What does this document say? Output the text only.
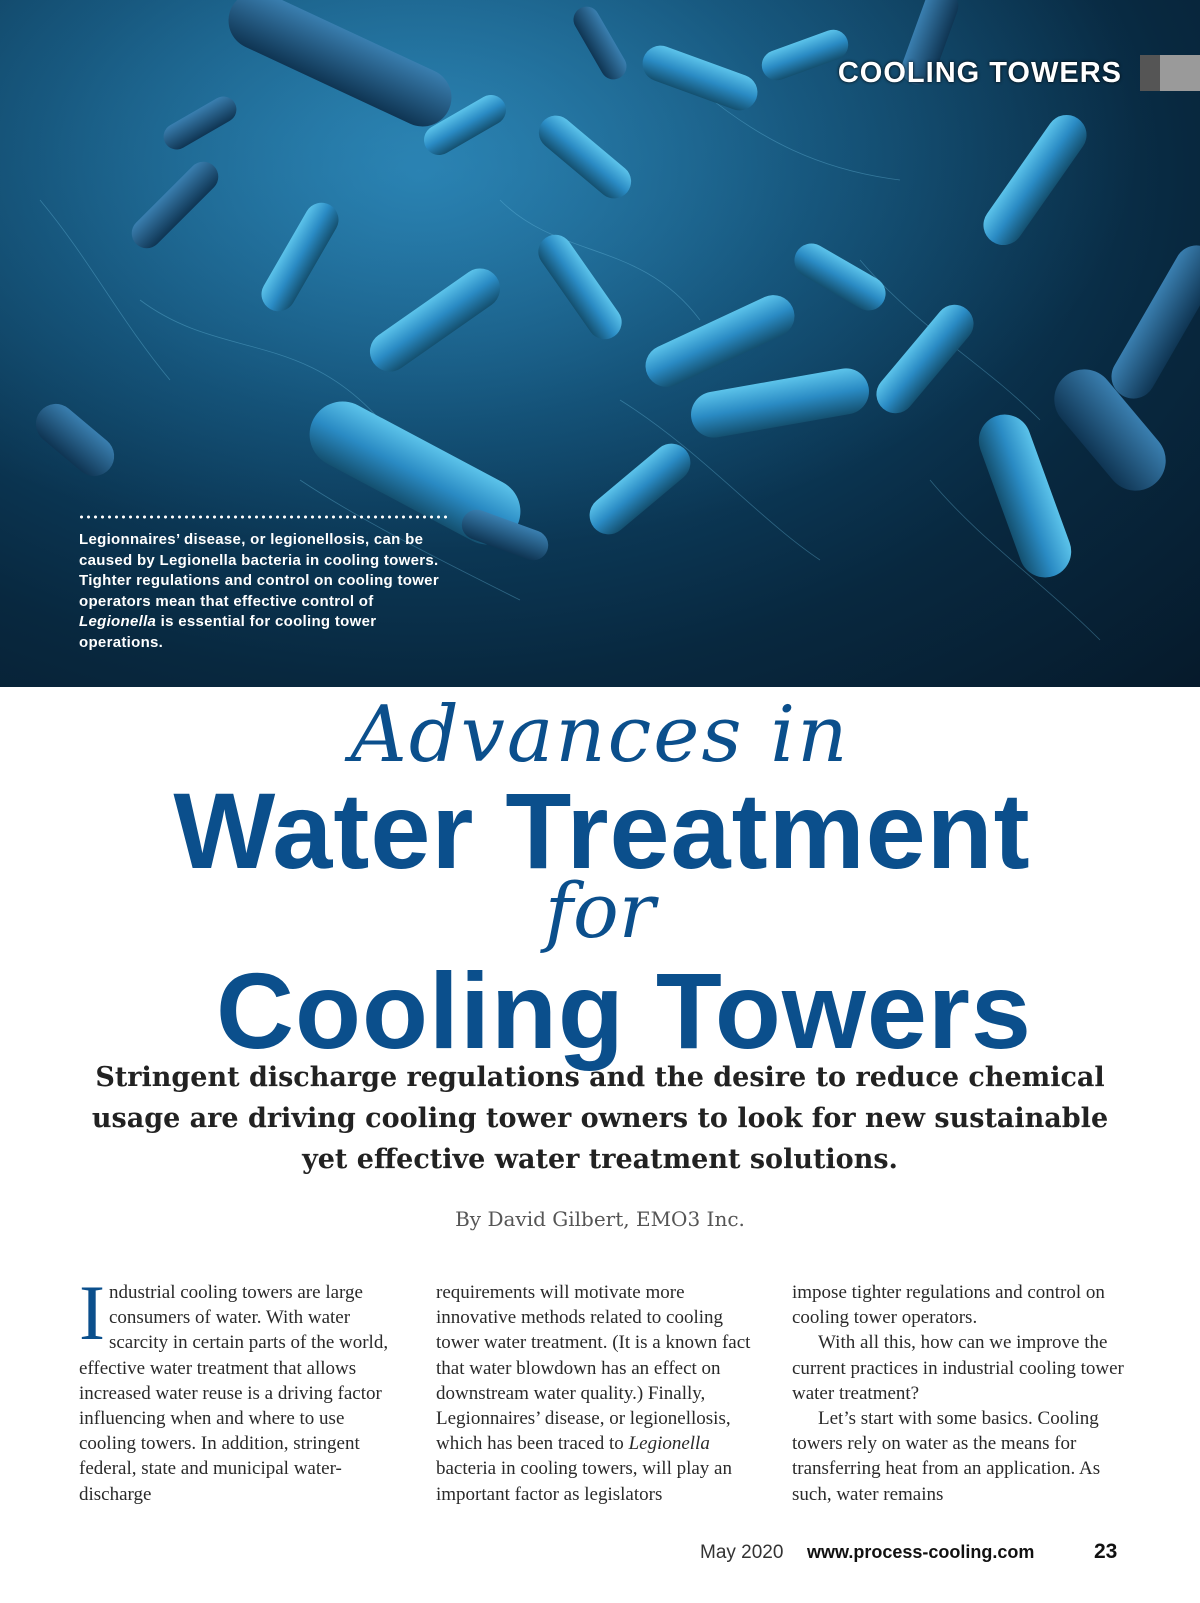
COOLING TOWERS
Legionnaires’ disease, or legionellosis, can be caused by Legionella bacteria in cooling towers. Tighter regulations and control on cooling tower operators mean that effective control of Legionella is essential for cooling tower operations.
Advances in
Water Treatment
for
Cooling Towers
Stringent discharge regulations and the desire to reduce chemical usage are driving cooling tower owners to look for new sustainable yet effective water treatment solutions.
By David Gilbert, EMO3 Inc.

Industrial cooling towers are large consumers of water. With water scarcity in certain parts of the world, effective water treatment that allows increased water reuse is a driving factor influencing when and where to use cooling towers. In addition, stringent federal, state and municipal water-discharge

requirements will motivate more innovative methods related to cooling tower water treatment. (It is a known fact that water blowdown has an effect on downstream water quality.) Finally, Legionnaires’ disease, or legionellosis, which has been traced to Legionella bacteria in cooling towers, will play an important factor as legislators

impose tighter regulations and control on cooling tower operators.

With all this, how can we improve the current practices in industrial cooling tower water treatment?

Let’s start with some basics. Cooling towers rely on water as the means for transferring heat from an application. As such, water remains

May 2020 www.process-cooling.com	23
